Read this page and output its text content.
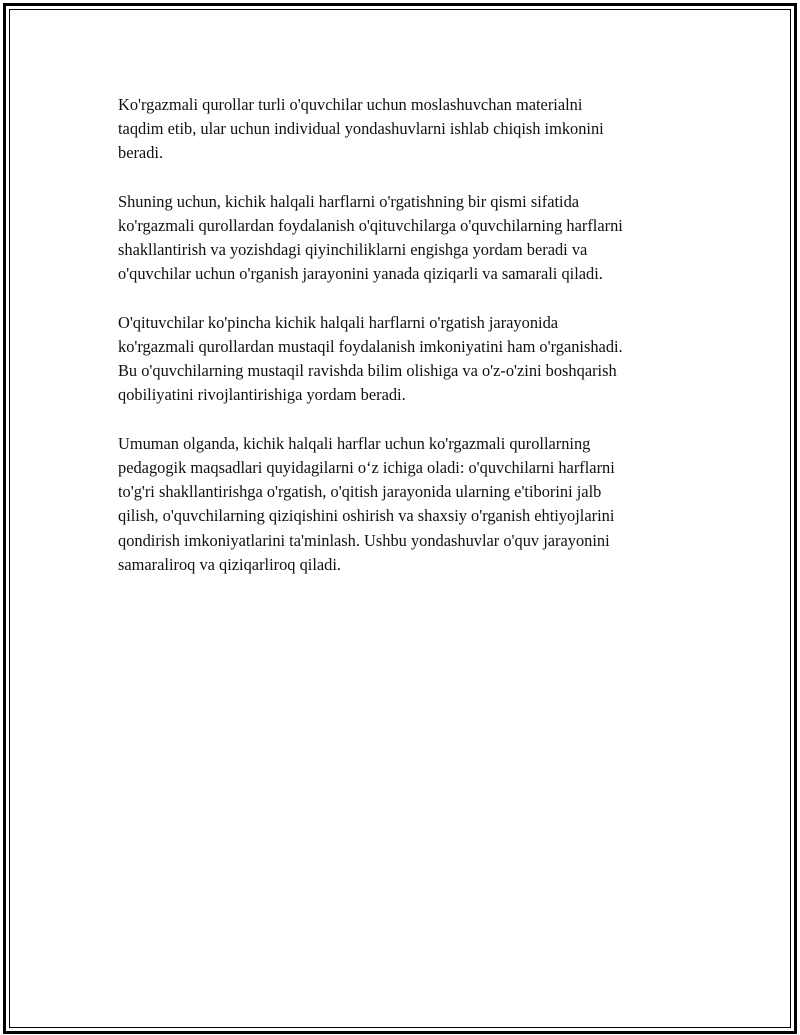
Ko'rgazmali qurollar turli o'quvchilar uchun moslashuvchan materialni
taqdim etib, ular uchun individual yondashuvlarni ishlab chiqish imkonini
beradi.

Shuning uchun, kichik halqali harflarni o'rgatishning bir qismi sifatida
ko'rgazmali qurollardan foydalanish o'qituvchilarga o'quvchilarning harflarni
shakllantirish va yozishdagi qiyinchiliklarni engishga yordam beradi va
o'quvchilar uchun o'rganish jarayonini yanada qiziqarli va samarali qiladi.

O'qituvchilar ko'pincha kichik halqali harflarni o'rgatish jarayonida
ko'rgazmali qurollardan mustaqil foydalanish imkoniyatini ham o'rganishadi.
Bu o'quvchilarning mustaqil ravishda bilim olishiga va o'z-o'zini boshqarish
qobiliyatini rivojlantirishiga yordam beradi.

Umuman olganda, kichik halqali harflar uchun ko'rgazmali qurollarning
pedagogik maqsadlari quyidagilarni o‘z ichiga oladi: o'quvchilarni harflarni
to'g'ri shakllantirishga o'rgatish, o'qitish jarayonida ularning e'tiborini jalb
qilish, o'quvchilarning qiziqishini oshirish va shaxsiy o'rganish ehtiyojlarini
qondirish imkoniyatlarini ta'minlash. Ushbu yondashuvlar o'quv jarayonini
samaraliroq va qiziqarliroq qiladi.
